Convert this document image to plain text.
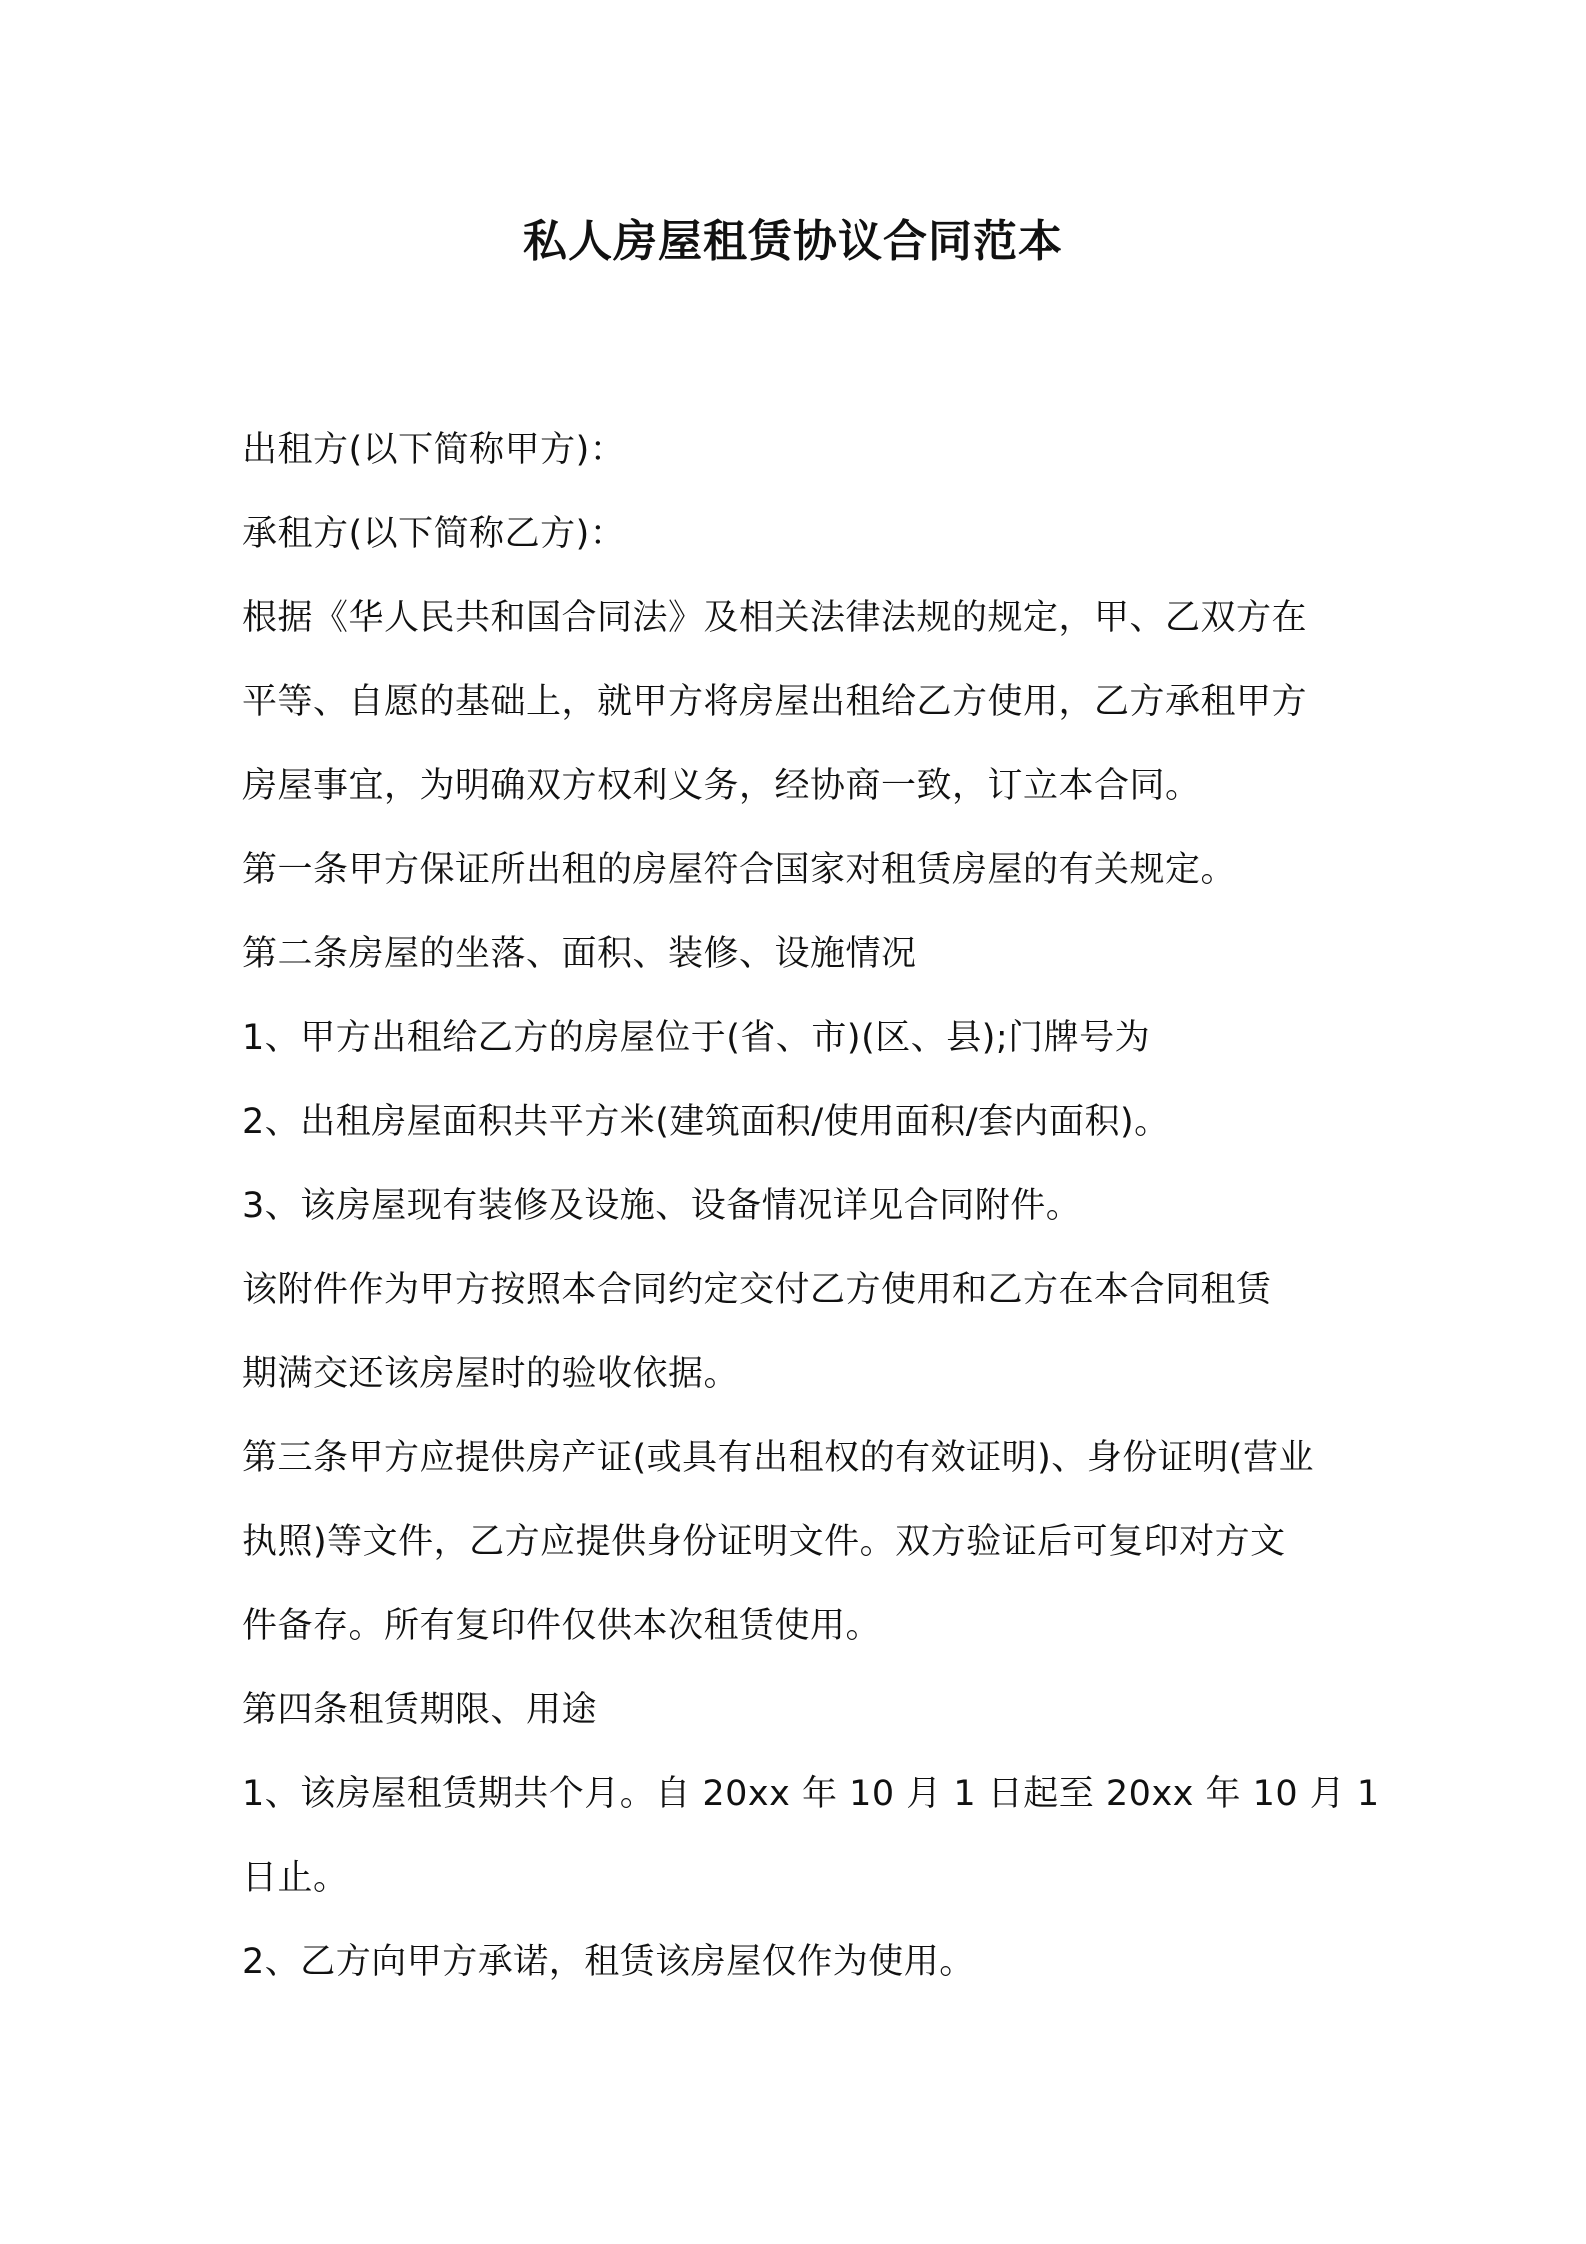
私人房屋租赁协议合同范本
出租方(以下简称甲方)：
承租方(以下简称乙方)：
根据《华人民共和国合同法》及相关法律法规的规定，甲、乙双方在
平等、自愿的基础上，就甲方将房屋出租给乙方使用，乙方承租甲方
房屋事宜，为明确双方权利义务，经协商一致，订立本合同。
第一条甲方保证所出租的房屋符合国家对租赁房屋的有关规定。
第二条房屋的坐落、面积、装修、设施情况
1、甲方出租给乙方的房屋位于(省、市)(区、县);门牌号为
2、出租房屋面积共平方米(建筑面积/使用面积/套内面积)。
3、该房屋现有装修及设施、设备情况详见合同附件。
该附件作为甲方按照本合同约定交付乙方使用和乙方在本合同租赁
期满交还该房屋时的验收依据。
第三条甲方应提供房产证(或具有出租权的有效证明)、身份证明(营业
执照)等文件，乙方应提供身份证明文件。双方验证后可复印对方文
件备存。所有复印件仅供本次租赁使用。
第四条租赁期限、用途
1、该房屋租赁期共个月。自 20xx 年 10 月 1 日起至 20xx 年 10 月 1
日止。
2、乙方向甲方承诺，租赁该房屋仅作为使用。
